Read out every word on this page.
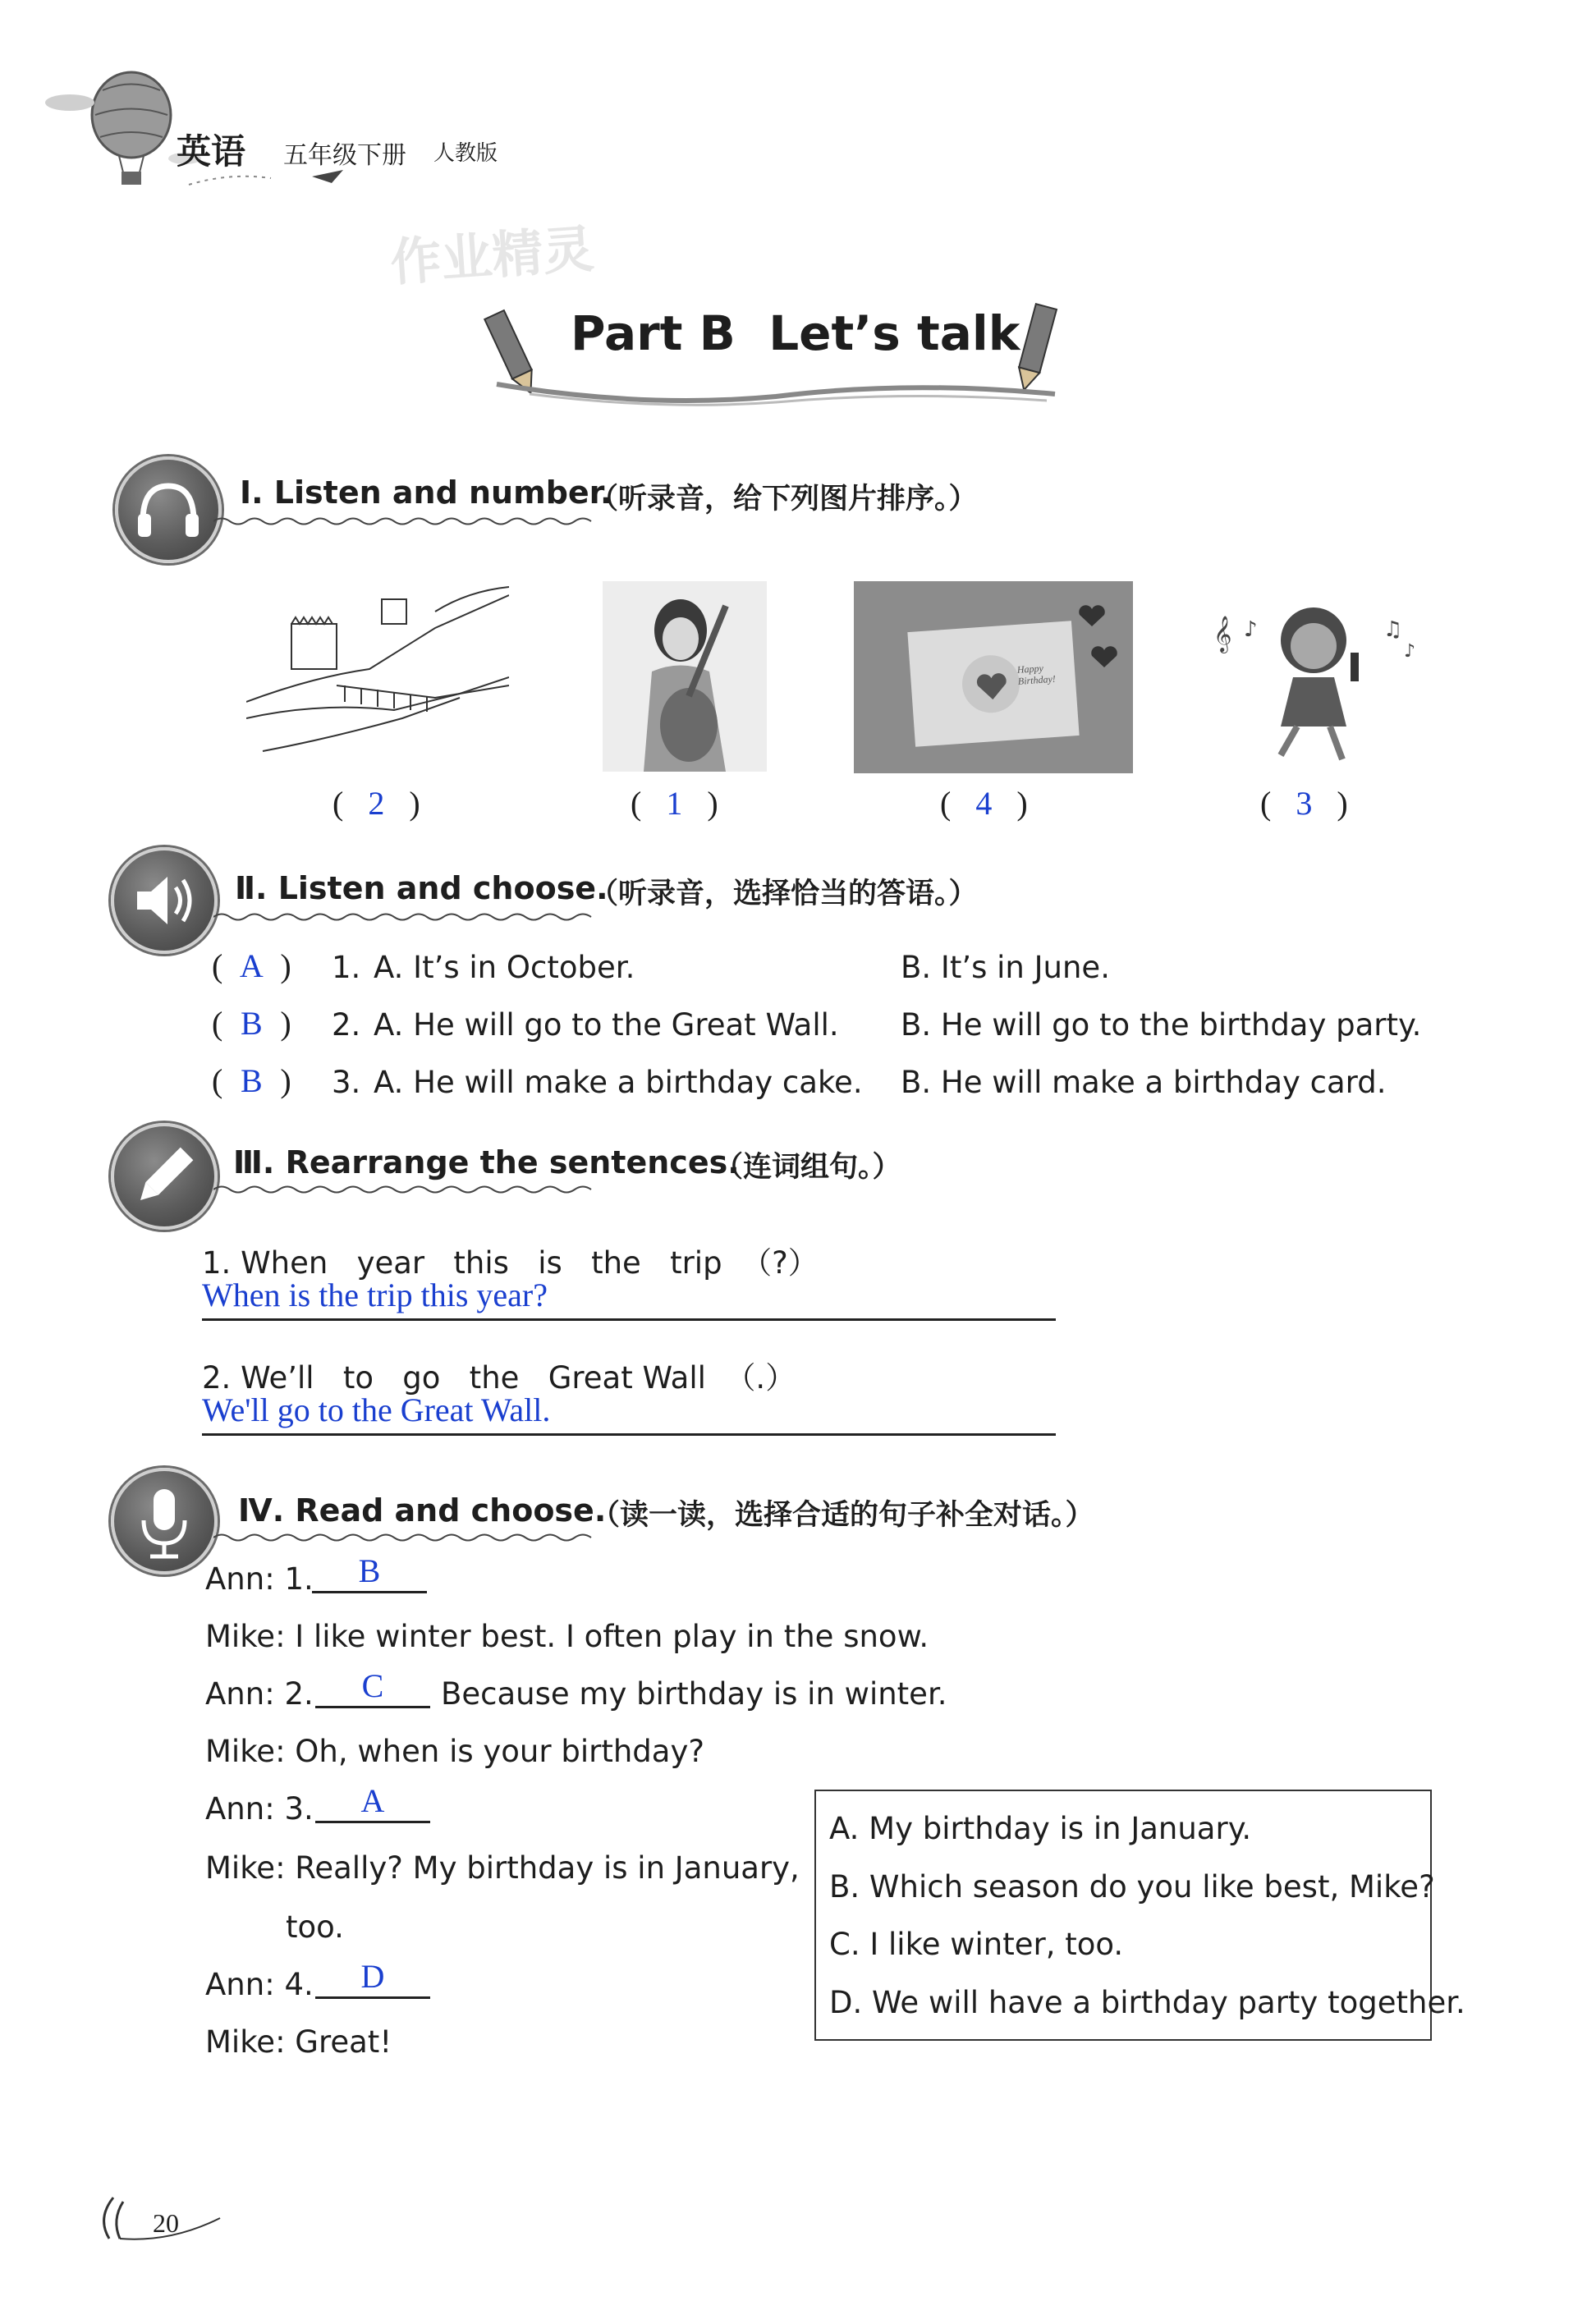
英语 五年级下册 人教版
作业精灵
Part B  Let’s talk
Ⅰ. Listen and number.
（听录音，给下列图片排序。）
Happy Birthday!
𝄞 ♪	♫
♪
( 2 )	( 1 )	( 4 )	( 3 )
Ⅱ. Listen and choose.
（听录音，选择恰当的答语。）
( A ) 1. A. It’s in October.	B. It’s in June.
( B ) 2. A. He will go to the Great Wall. B. He will go to the birthday party.
( B ) 3. A. He will make a birthday cake. B. He will make a birthday card.
Ⅲ. Rearrange the sentences.
（连词组句。）
1. When   year   this   is   the   trip  （?）
When is the trip this year?
2. We’ll   to   go   the   Great Wall  （.）
We'll go to the Great Wall.
Ⅳ. Read and choose.
（读一读，选择合适的句子补全对话。）
Ann: 1.	B
Mike: I like winter best. I often play in the snow.
Ann: 2.	C	Because my birthday is in winter.
Mike: Oh, when is your birthday?
Ann: 3.	A
Mike: Really? My birthday is in January,
too.
Ann: 4.	D
Mike: Great!
A. My birthday is in January.
B. Which season do you like best, Mike?
C. I like winter, too.
D. We will have a birthday party together.
20
